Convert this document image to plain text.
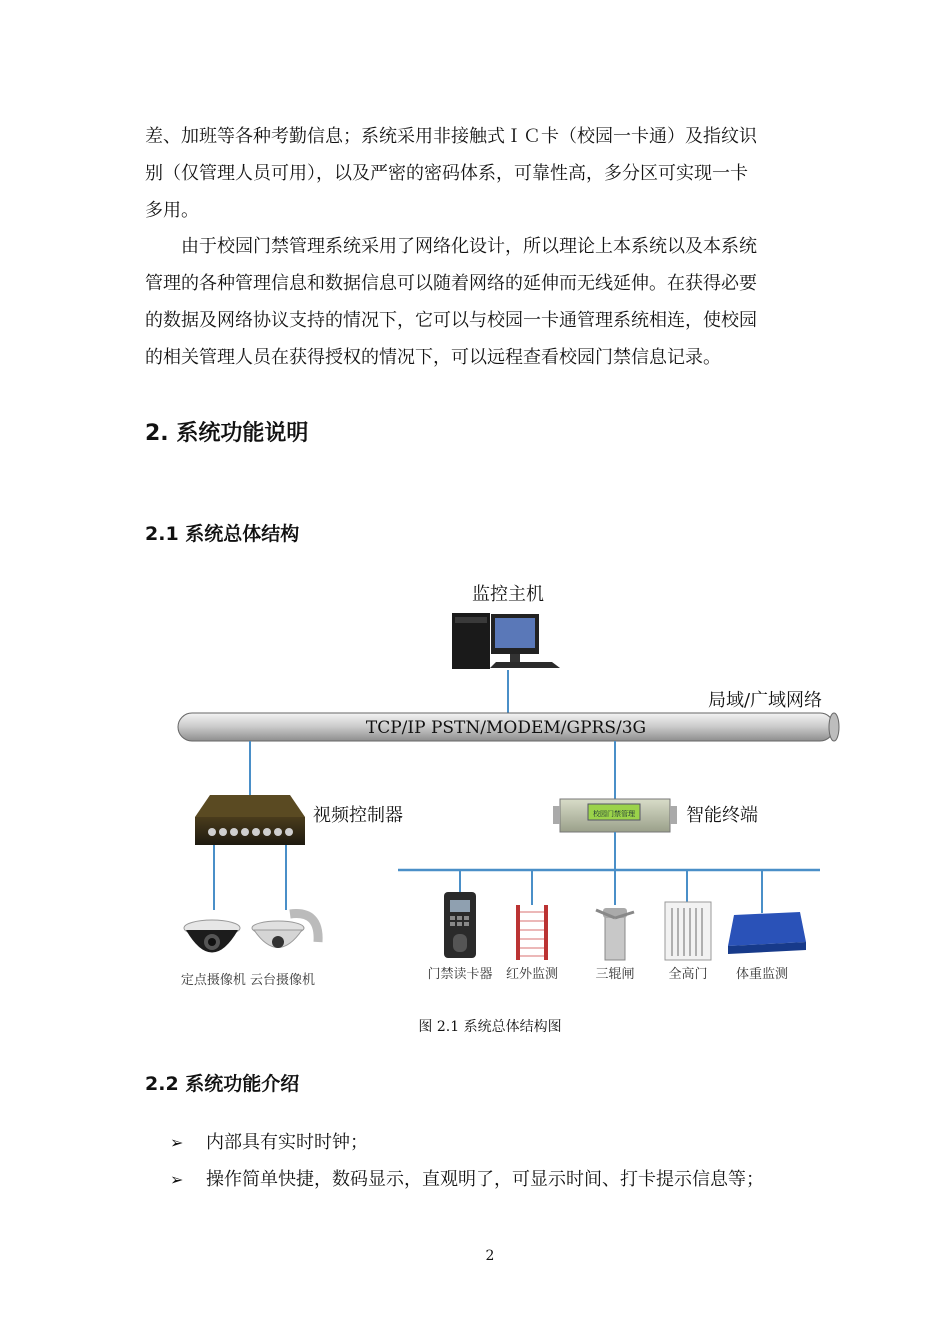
差、加班等各种考勤信息；系统采用非接触式ＩＣ卡（校园一卡通）及指纹识
别（仅管理人员可用），以及严密的密码体系，可靠性高，多分区可实现一卡
多用。
由于校园门禁管理系统采用了网络化设计，所以理论上本系统以及本系统
管理的各种管理信息和数据信息可以随着网络的延伸而无线延伸。在获得必要
的数据及网络协议支持的情况下，它可以与校园一卡通管理系统相连，使校园
的相关管理人员在获得授权的情况下，可以远程查看校园门禁信息记录。
2. 系统功能说明
2.1 系统总体结构
监控主机
局域/广域网络
TCP/IP PSTN/MODEM/GPRS/3G
视频控制器	校园门禁管理	智能终端
定点摄像机 云台摄像机	门禁读卡器 红外监测	三辊闸	全高门 体重监测
图 2.1 系统总体结构图
2.2 系统功能介绍
➢	内部具有实时时钟；
➢	操作简单快捷，数码显示，直观明了，可显示时间、打卡提示信息等；
2
